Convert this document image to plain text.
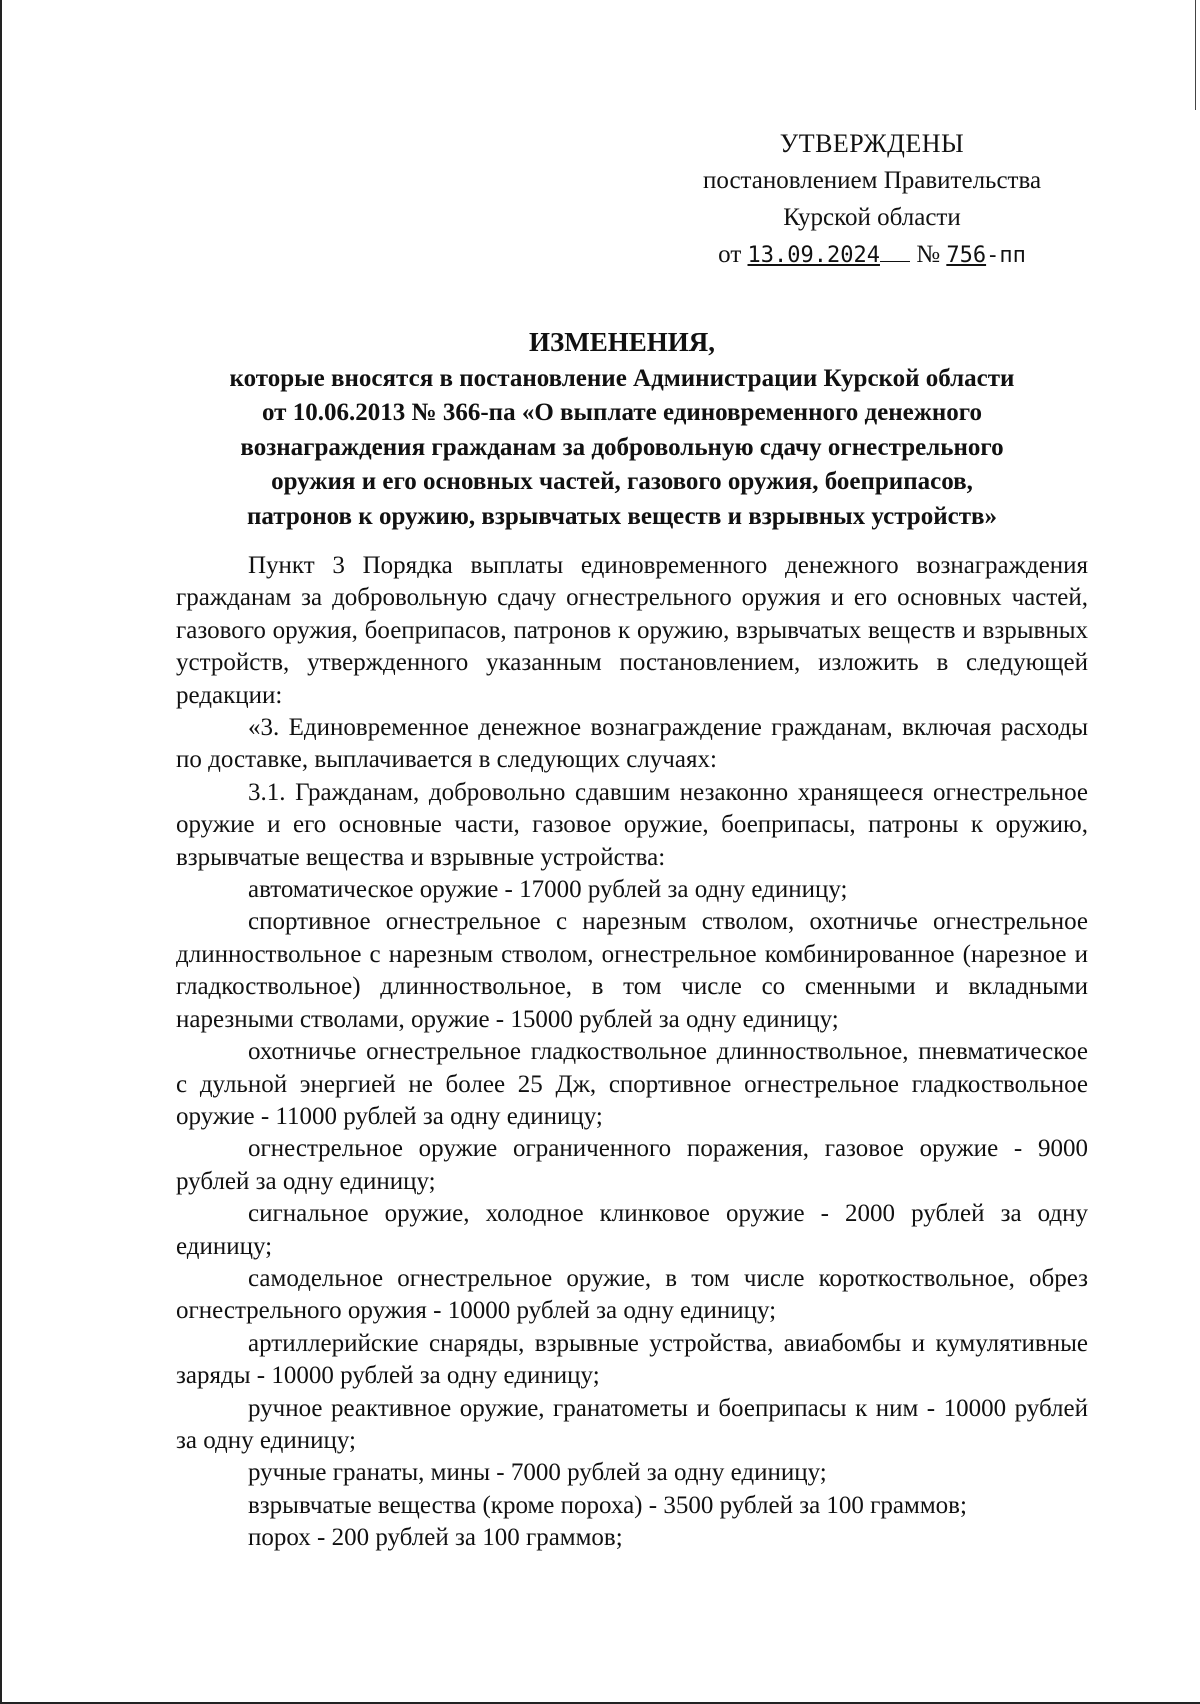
УТВЕРЖДЕНЫ
постановлением Правительства
Курской области
от 13.09.2024 № 756-пп
ИЗМЕНЕНИЯ,
которые вносятся в постановление Администрации Курской области
от 10.06.2013 № 366-па «О выплате единовременного денежного
вознаграждения гражданам за добровольную сдачу огнестрельного
оружия и его основных частей, газового оружия, боеприпасов,
патронов к оружию, взрывчатых веществ и взрывных устройств»

Пункт 3 Порядка выплаты единовременного денежного вознаграждения гражданам за добровольную сдачу огнестрельного оружия и его основных частей, газового оружия, боеприпасов, патронов к оружию, взрывчатых веществ и взрывных устройств, утвержденного указанным постановлением, изложить в следующей редакции:

«3. Единовременное денежное вознаграждение гражданам, включая расходы по доставке, выплачивается в следующих случаях:

3.1. Гражданам, добровольно сдавшим незаконно хранящееся огнестрельное оружие и его основные части, газовое оружие, боеприпасы, патроны к оружию, взрывчатые вещества и взрывные устройства:

автоматическое оружие - 17000 рублей за одну единицу;

спортивное огнестрельное с нарезным стволом, охотничье огнестрельное длинноствольное с нарезным стволом, огнестрельное комбинированное (нарезное и гладкоствольное) длинноствольное, в том числе со сменными и вкладными нарезными стволами, оружие - 15000 рублей за одну единицу;

охотничье огнестрельное гладкоствольное длинноствольное, пневматическое с дульной энергией не более 25 Дж, спортивное огнестрельное гладкоствольное оружие - 11000 рублей за одну единицу;

огнестрельное оружие ограниченного поражения, газовое оружие - 9000 рублей за одну единицу;

сигнальное оружие, холодное клинковое оружие - 2000 рублей за одну единицу;

самодельное огнестрельное оружие, в том числе короткоствольное, обрез огнестрельного оружия - 10000 рублей за одну единицу;

артиллерийские снаряды, взрывные устройства, авиабомбы и кумулятивные заряды - 10000 рублей за одну единицу;

ручное реактивное оружие, гранатометы и боеприпасы к ним - 10000 рублей за одну единицу;

ручные гранаты, мины - 7000 рублей за одну единицу;

взрывчатые вещества (кроме пороха) - 3500 рублей за 100 граммов;

порох - 200 рублей за 100 граммов;
